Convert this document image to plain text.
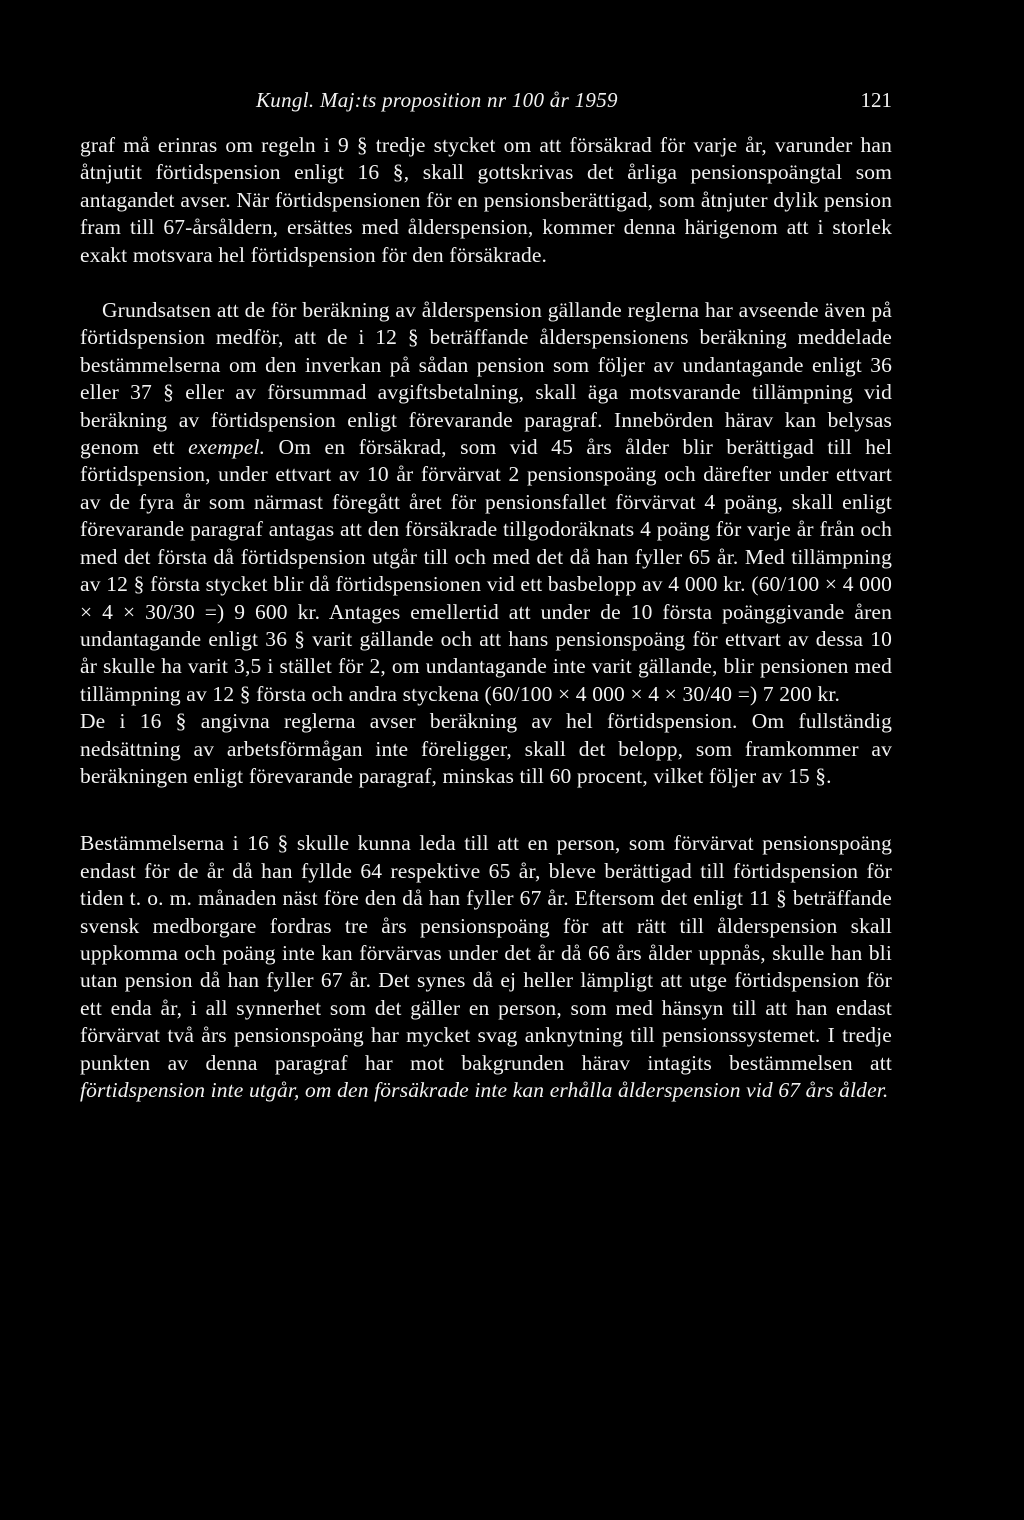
Kungl. Maj:ts proposition nr 100 år 1959	121

graf må erinras om regeln i 9 § tredje stycket om att försäkrad för varje år, varunder han åtnjutit förtidspension enligt 16 §, skall gottskrivas det årliga pensionspoängtal som antagandet avser. När förtidspensionen för en pensionsberättigad, som åtnjuter dylik pension fram till 67-årsåldern, ersättes med ålderspension, kommer denna härigenom att i storlek exakt motsvara hel förtidspension för den försäkrade.

Grundsatsen att de för beräkning av ålderspension gällande reglerna har avseende även på förtidspension medför, att de i 12 § beträffande ålderspensionens beräkning meddelade bestämmelserna om den inverkan på sådan pension som följer av undantagande enligt 36 eller 37 § eller av försummad avgiftsbetalning, skall äga motsvarande tillämpning vid beräkning av förtidspension enligt förevarande paragraf. Innebörden härav kan belysas genom ett exempel. Om en försäkrad, som vid 45 års ålder blir berättigad till hel förtidspension, under ettvart av 10 år förvärvat 2 pensionspoäng och därefter under ettvart av de fyra år som närmast föregått året för pensionsfallet förvärvat 4 poäng, skall enligt förevarande paragraf antagas att den försäkrade tillgodoräknats 4 poäng för varje år från och med det första då förtidspension utgår till och med det då han fyller 65 år. Med tillämpning av 12 § första stycket blir då förtidspensionen vid ett basbelopp av 4 000 kr. (60/100 × 4 000 × 4 × 30/30 =) 9 600 kr. Antages emellertid att under de 10 första poänggivande åren undantagande enligt 36 § varit gällande och att hans pensionspoäng för ettvart av dessa 10 år skulle ha varit 3,5 i stället för 2, om undantagande inte varit gällande, blir pensionen med tillämpning av 12 § första och andra styckena (60/100 × 4 000 × 4 × 30/40 =) 7 200 kr.

De i 16 § angivna reglerna avser beräkning av hel förtidspension. Om fullständig nedsättning av arbetsförmågan inte föreligger, skall det belopp, som framkommer av beräkningen enligt förevarande paragraf, minskas till 60 procent, vilket följer av 15 §.

Bestämmelserna i 16 § skulle kunna leda till att en person, som förvärvat pensionspoäng endast för de år då han fyllde 64 respektive 65 år, bleve berättigad till förtidspension för tiden t. o. m. månaden näst före den då han fyller 67 år. Eftersom det enligt 11 § beträffande svensk medborgare fordras tre års pensionspoäng för att rätt till ålderspension skall uppkomma och poäng inte kan förvärvas under det år då 66 års ålder uppnås, skulle han bli utan pension då han fyller 67 år. Det synes då ej heller lämpligt att utge förtidspension för ett enda år, i all synnerhet som det gäller en person, som med hänsyn till att han endast förvärvat två års pensionspoäng har mycket svag anknytning till pensionssystemet. I tredje punkten av denna paragraf har mot bakgrunden härav intagits bestämmelsen att förtidspension inte utgår, om den försäkrade inte kan erhålla ålderspension vid 67 års ålder.
